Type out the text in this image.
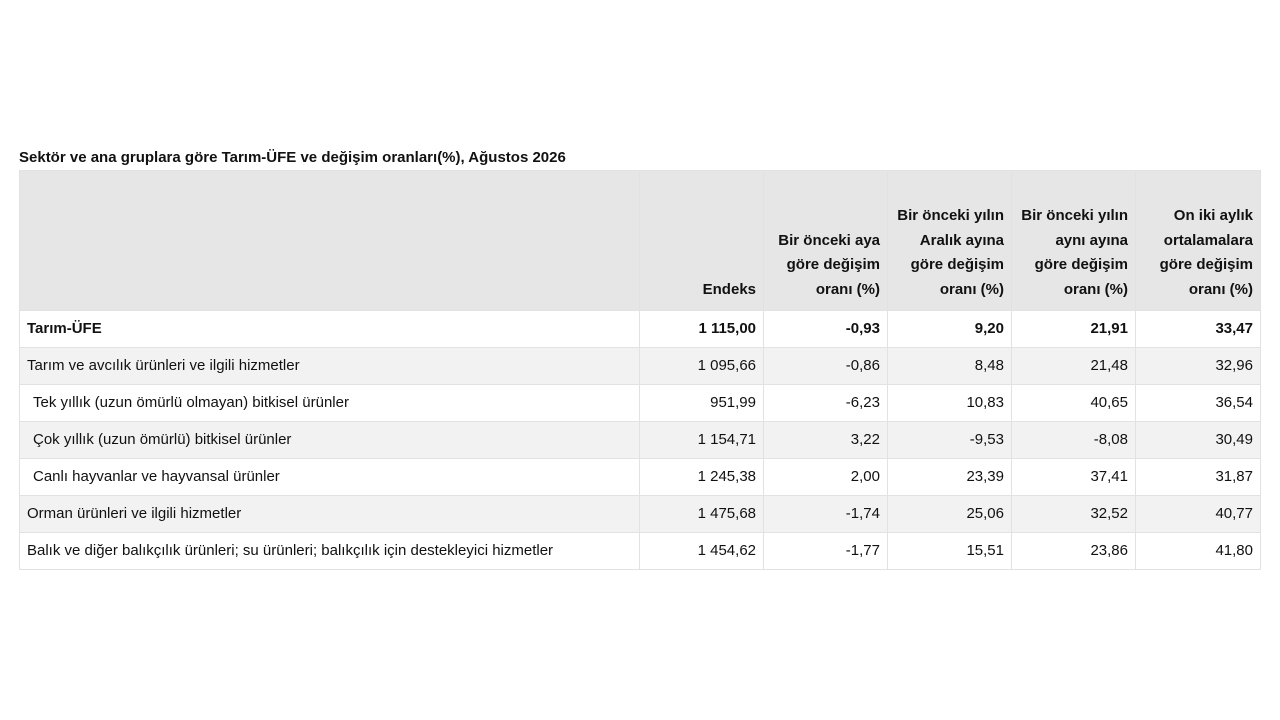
Sektör ve ana gruplara göre Tarım-ÜFE ve değişim oranları(%), Ağustos 2026

	Endeks	Bir önceki aya göre değişim oranı (%)	Bir önceki yılın Aralık ayına göre değişim oranı (%)	Bir önceki yılın aynı ayına göre değişim oranı (%)	On iki aylık ortalamalara göre değişim oranı (%)
Tarım-ÜFE	1 115,00	-0,93	9,20	21,91	33,47
Tarım ve avcılık ürünleri ve ilgili hizmetler	1 095,66	-0,86	8,48	21,48	32,96
Tek yıllık (uzun ömürlü olmayan) bitkisel ürünler	951,99	-6,23	10,83	40,65	36,54
Çok yıllık (uzun ömürlü) bitkisel ürünler	1 154,71	3,22	-9,53	-8,08	30,49
Canlı hayvanlar ve hayvansal ürünler	1 245,38	2,00	23,39	37,41	31,87
Orman ürünleri ve ilgili hizmetler	1 475,68	-1,74	25,06	32,52	40,77
Balık ve diğer balıkçılık ürünleri; su ürünleri; balıkçılık için destekleyici hizmetler	1 454,62	-1,77	15,51	23,86	41,80
